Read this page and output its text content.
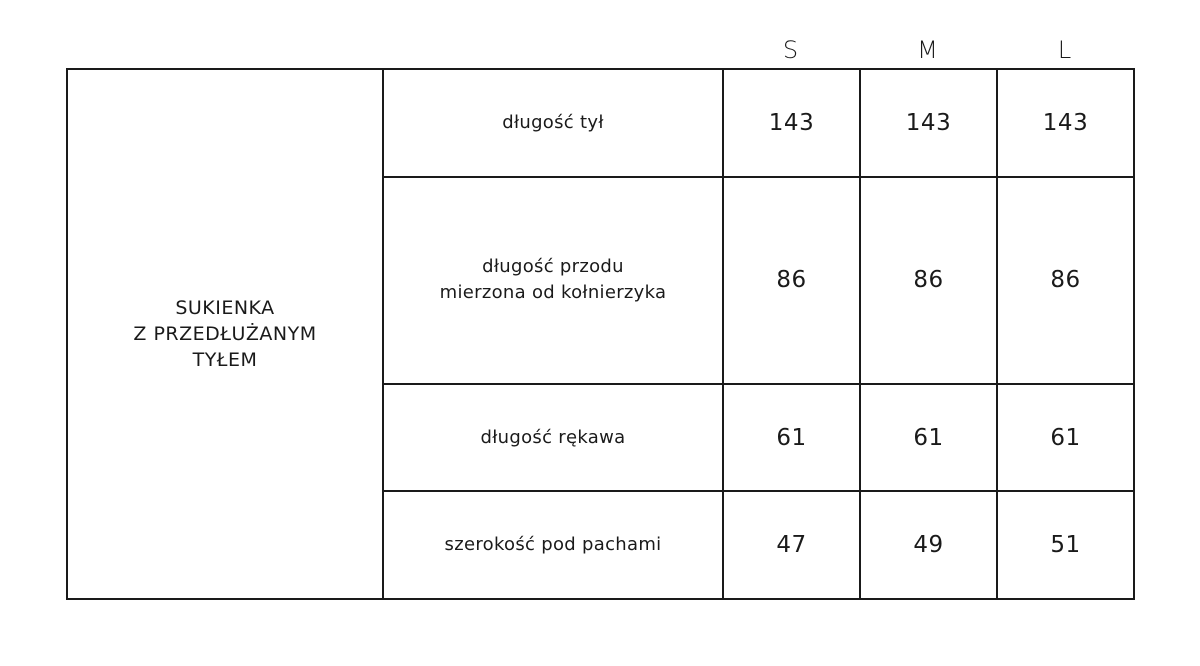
S	M	L
SUKIENKA
Z PRZEDŁUŻANYM
TYŁEM	długość tył	143	143	143

	długość przodu
mierzona od kołnierzyka	86	86	86

	długość rękawa	61	61	61

	szerokość pod pachami	47	49	51
